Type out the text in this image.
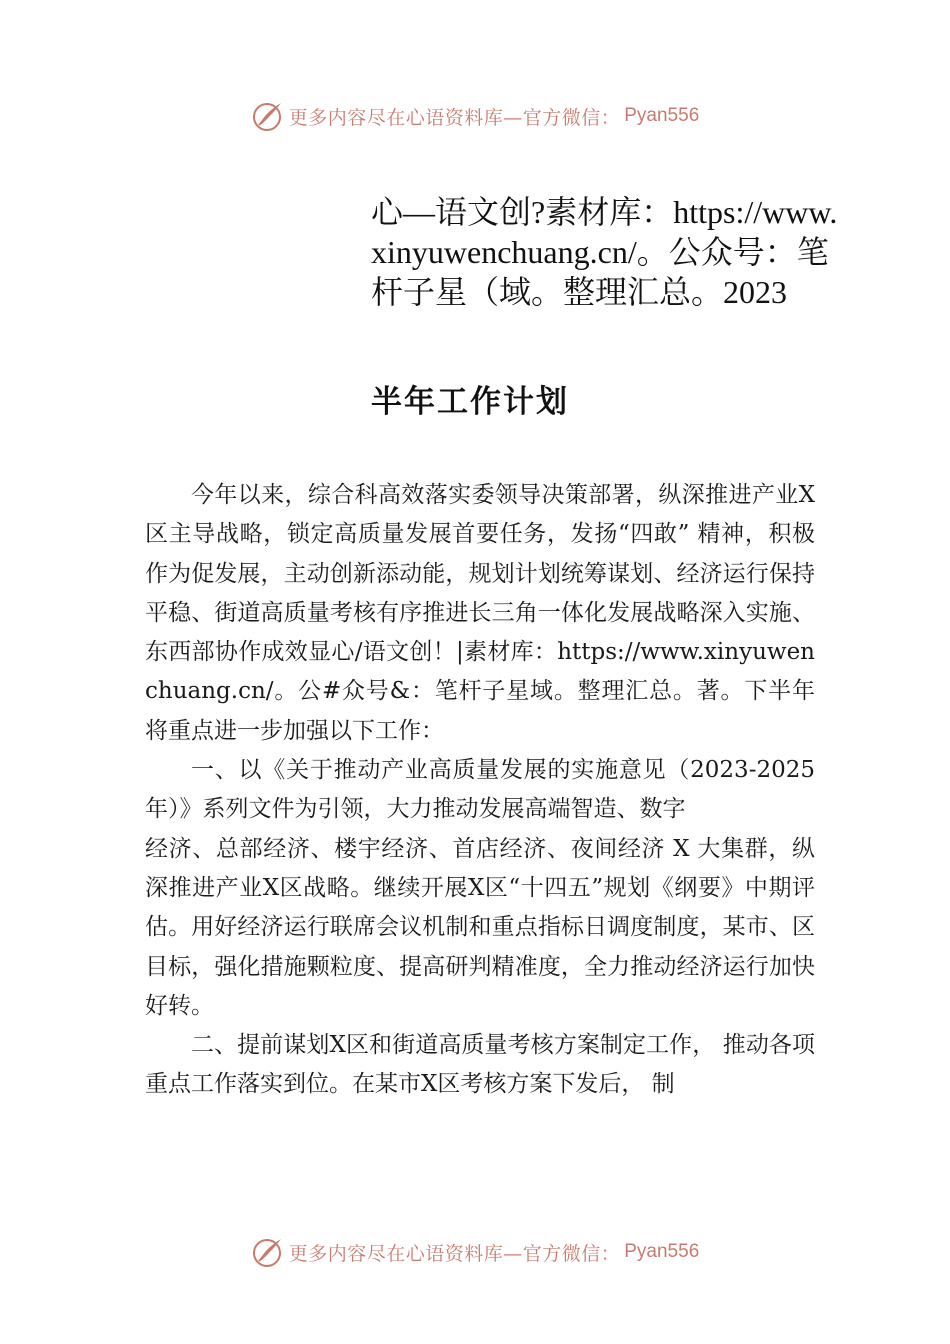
更多内容尽在心语资料库—官方微信： Pyan556
心—语文创?素材库：https://www.xinyuwenchuang.cn/。公众号：笔杆子星（域。整理汇总。2023
半年工作计划

今年以来，综合科高效落实委领导决策部署，纵深推进产业X区主导战略，锁定高质量发展首要任务，发扬“四敢” 精神，积极作为促发展，主动创新添动能，规划计划统筹谋划、经济运行保持平稳、街道高质量考核有序推进长三角一体化发展战略深入实施、东西部协作成效显心/语文创！|素材库：https://www.xinyuwenchuang.cn/。公#众号&：笔杆子星域。整理汇总。著。下半年将重点进一步加强以下工作：

一、以《关于推动产业高质量发展的实施意见（2023-2025 年）》系列文件为引领，大力推动发展高端智造、数字

经济、总部经济、楼宇经济、首店经济、夜间经济 X 大集群，纵深推进产业X区战略。继续开展X区“十四五”规划《纲要》中期评估。用好经济运行联席会议机制和重点指标日调度制度，某市、区目标，强化措施颗粒度、提高研判精准度，全力推动经济运行加快好转。

二、提前谋划X区和街道高质量考核方案制定工作， 推动各项重点工作落实到位。在某市X区考核方案下发后， 制

更多内容尽在心语资料库—官方微信： Pyan556
